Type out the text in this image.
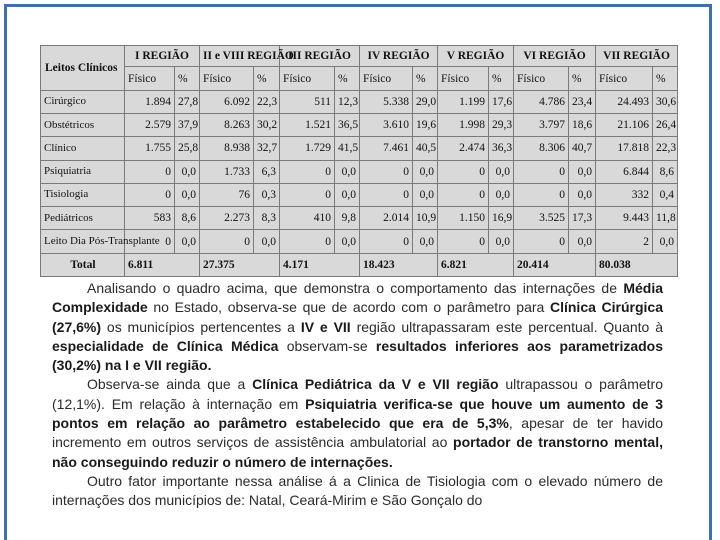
Leitos Clínicos	I REGIÃO		II e VIII REGIÃO		III REGIÃO		IV REGIÃO		V REGIÃO		VI REGIÃO		VII REGIÃO	
	Físico	%	Físico	%	Físico	%	Físico	%	Físico	%	Físico	%	Físico	%
Cirúrgico	1.894	27,8	6.092	22,3	511	12,3	5.338	29,0	1.199	17,6	4.786	23,4	24.493	30,6
Obstétricos	2.579	37,9	8.263	30,2	1.521	36,5	3.610	19,6	1.998	29,3	3.797	18,6	21.106	26,4
Clínico	1.755	25,8	8.938	32,7	1.729	41,5	7.461	40,5	2.474	36,3	8.306	40,7	17.818	22,3
Psiquiatria	0	0,0	1.733	6,3	0	0,0	0	0,0	0	0,0	0	0,0	6.844	8,6
Tisiologia	0	0,0	76	0,3	0	0,0	0	0,0	0	0,0	0	0,0	332	0,4
Pediátricos	583	8,6	2.273	8,3	410	9,8	2.014	10,9	1.150	16,9	3.525	17,3	9.443	11,8
Leito Dia Pós-Transplante	0	0,0	0	0,0	0	0,0	0	0,0	0	0,0	0	0,0	2	0,0
Total	6.811		27.375		4.171		18.423		6.821		20.414		80.038	

Analisando o quadro acima, que demonstra o comportamento das internações de Média Complexidade no Estado, observa-se que de acordo com o parâmetro para Clínica Cirúrgica (27,6%) os municípios pertencentes a IV e VII região ultrapassaram este percentual. Quanto à especialidade de Clínica Médica observam-se resultados inferiores aos parametrizados (30,2%) na I e VII região.

Observa-se ainda que a Clínica Pediátrica da V e VII região ultrapassou o parâmetro (12,1%). Em relação à internação em Psiquiatria verifica-se que houve um aumento de 3 pontos em relação ao parâmetro estabelecido que era de 5,3%, apesar de ter havido incremento em outros serviços de assistência ambulatorial ao portador de transtorno mental, não conseguindo reduzir o número de internações.

Outro fator importante nessa análise á a Clinica de Tisiologia com o elevado número de internações dos municípios de: Natal, Ceará-Mirim e São Gonçalo do
